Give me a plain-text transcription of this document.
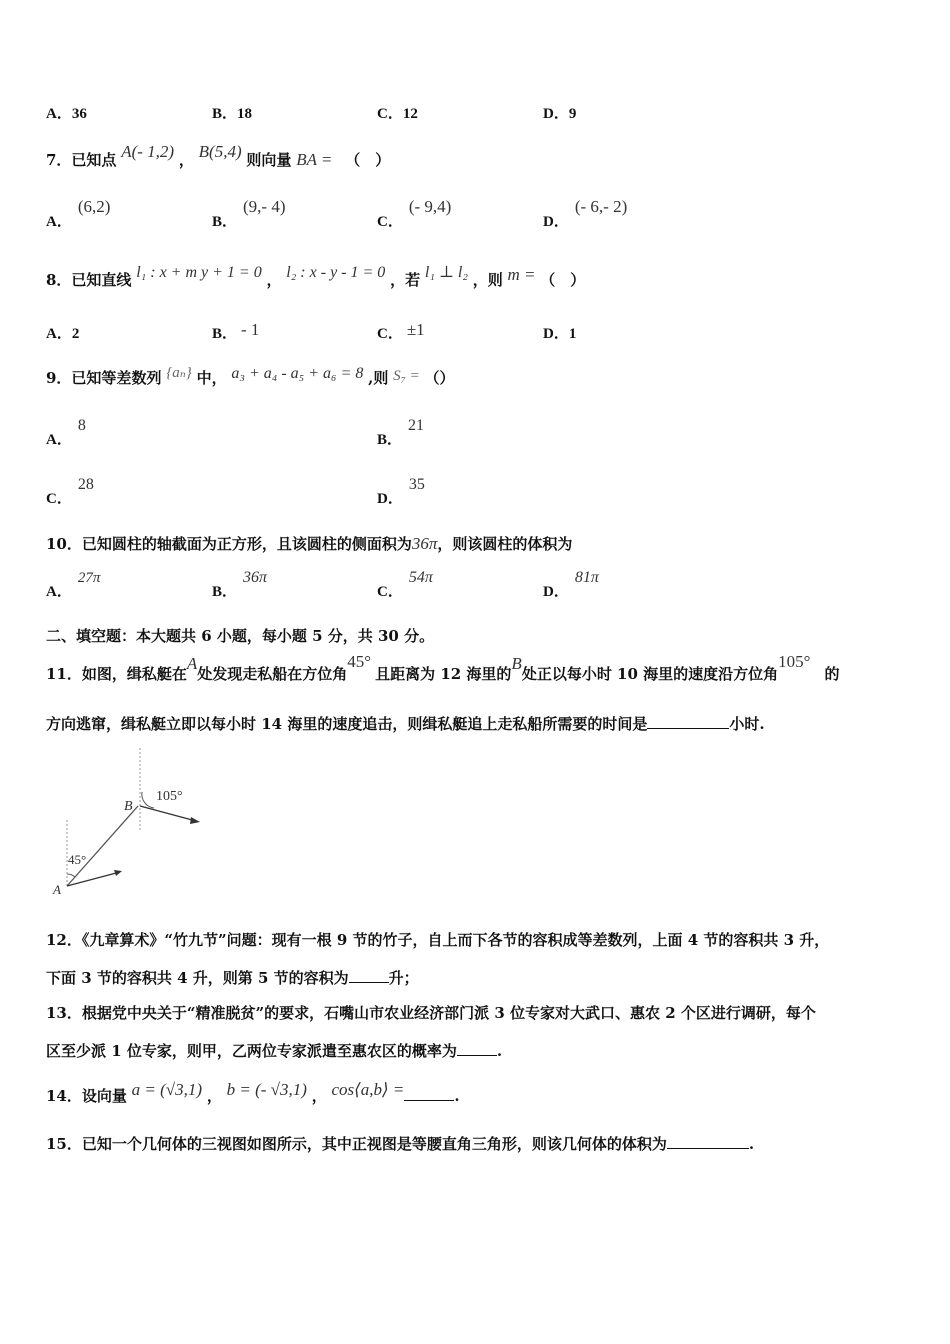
A．36	B．18	C．12	D．9
7．已知点 A(- 1,2) ， B(5,4) 则向量 BA = （　）
A．(6,2)
B．(9,- 4)
C．(- 9,4)
D．(- 6,- 2)
8．已知直线 l₁ : x + m y + 1 = 0 ， l₂ : x - y - 1 = 0 ，若 l₁ ⊥ l₂ ，则 m = （　）
A．2	B． - 1	C． ±1	D．1
9．已知等差数列 {aₙ} 中， a₃ + a₄ - a₅ + a₆ = 8 ,则 S₇ = （）
A．8
B．21
C．28
D．35
10．已知圆柱的轴截面为正方形，且该圆柱的侧面积为36π，则该圆柱的体积为
A．27π
B．36π
C．54π
D．81π
二、填空题：本大题共 6 小题，每小题 5 分，共 30 分。
11．如图，缉私艇在A处发现走私船在方位角45°且距离为 12 海里的B处正以每小时 10 海里的速度沿方位角105°的
方向逃窜，缉私艇立即以每小时 14 海里的速度追击，则缉私艇追上走私船所需要的时间是	小时.
105°
45°
B
A
12．《九章算术》“竹九节”问题：现有一根 9 节的竹子，自上而下各节的容积成等差数列，上面 4 节的容积共 3 升，
下面 3 节的容积共 4 升，则第 5 节的容积为	升；
13．根据党中央关于“精准脱贫”的要求，石嘴山市农业经济部门派 3 位专家对大武口、惠农 2 个区进行调研，每个
区至少派 1 位专家，则甲，乙两位专家派遣至惠农区的概率为	.
14．设向量 a = (√3,1) ， b = (- √3,1) ， cos⟨a,b⟩ =	.
15．已知一个几何体的三视图如图所示，其中正视图是等腰直角三角形，则该几何体的体积为	.
